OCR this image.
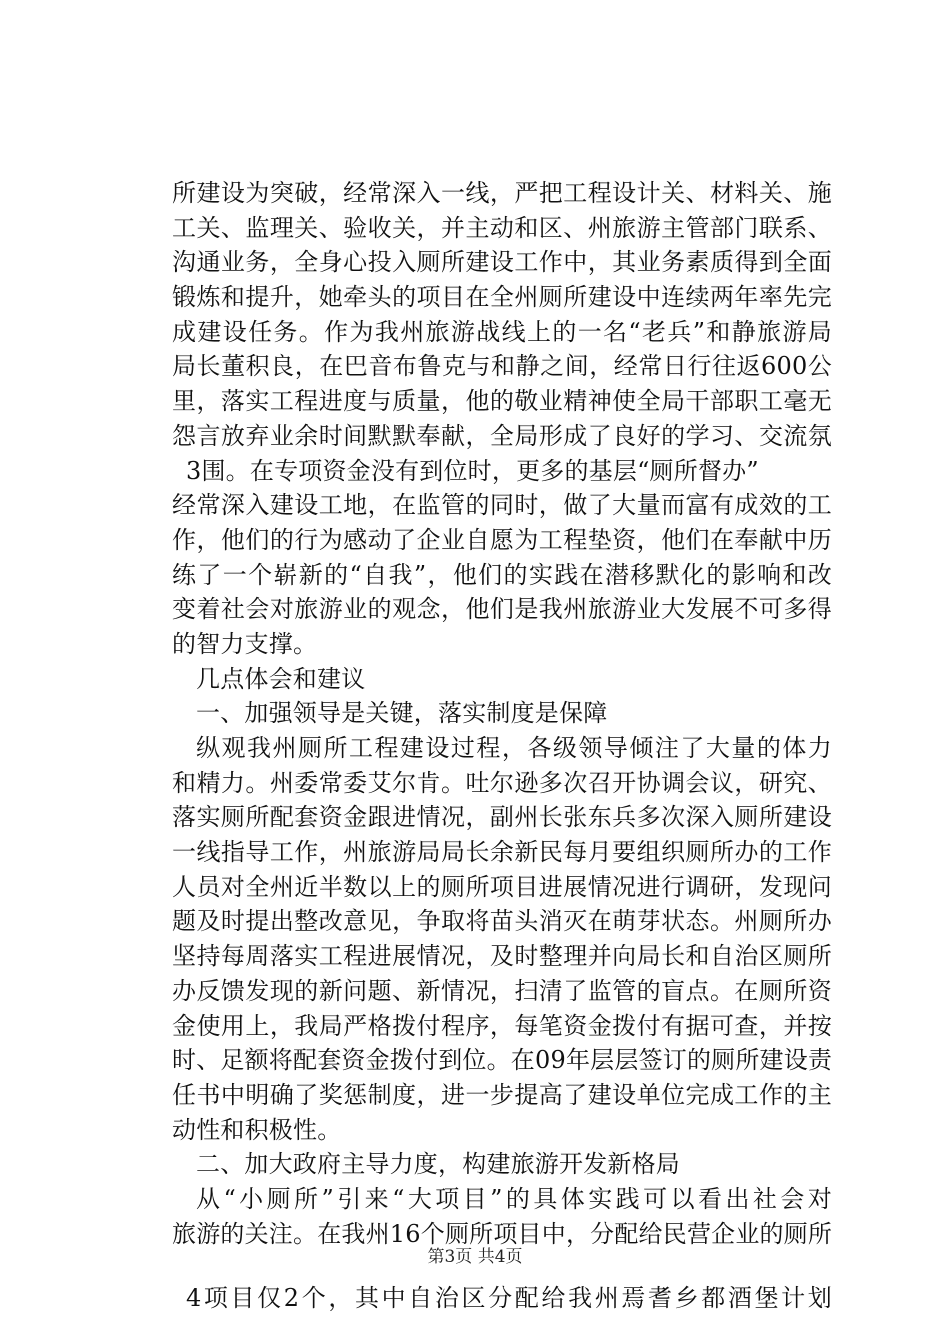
所建设为突破，经常深入一线，严把工程设计关、材料关、施
工关、监理关、验收关，并主动和区、州旅游主管部门联系、
沟通业务，全身心投入厕所建设工作中，其业务素质得到全面
锻炼和提升，她牵头的项目在全州厕所建设中连续两年率先完
成建设任务。作为我州旅游战线上的一名“老兵”和静旅游局
局长董积良，在巴音布鲁克与和静之间，经常日行往返600公
里，落实工程进度与质量，他的敬业精神使全局干部职工毫无
怨言放弃业余时间默默奉献，全局形成了良好的学习、交流氛
3围。在专项资金没有到位时，更多的基层“厕所督办”
经常深入建设工地，在监管的同时，做了大量而富有成效的工
作，他们的行为感动了企业自愿为工程垫资，他们在奉献中历
练了一个崭新的“自我”，他们的实践在潜移默化的影响和改
变着社会对旅游业的观念，他们是我州旅游业大发展不可多得
的智力支撑。
几点体会和建议
一、加强领导是关键，落实制度是保障
纵观我州厕所工程建设过程，各级领导倾注了大量的体力
和精力。州委常委艾尔肯。吐尔逊多次召开协调会议，研究、
落实厕所配套资金跟进情况，副州长张东兵多次深入厕所建设
一线指导工作，州旅游局局长余新民每月要组织厕所办的工作
人员对全州近半数以上的厕所项目进展情况进行调研，发现问
题及时提出整改意见，争取将苗头消灭在萌芽状态。州厕所办
坚持每周落实工程进展情况，及时整理并向局长和自治区厕所
办反馈发现的新问题、新情况，扫清了监管的盲点。在厕所资
金使用上，我局严格拨付程序，每笔资金拨付有据可查，并按
时、足额将配套资金拨付到位。在09年层层签订的厕所建设责
任书中明确了奖惩制度，进一步提高了建设单位完成工作的主
动性和积极性。
二、加大政府主导力度，构建旅游开发新格局
从“小厕所”引来“大项目”的具体实践可以看出社会对
旅游的关注。在我州16个厕所项目中，分配给民营企业的厕所
4项目仅2个，其中自治区分配给我州焉耆乡都酒堡计划
第3页 共4页
